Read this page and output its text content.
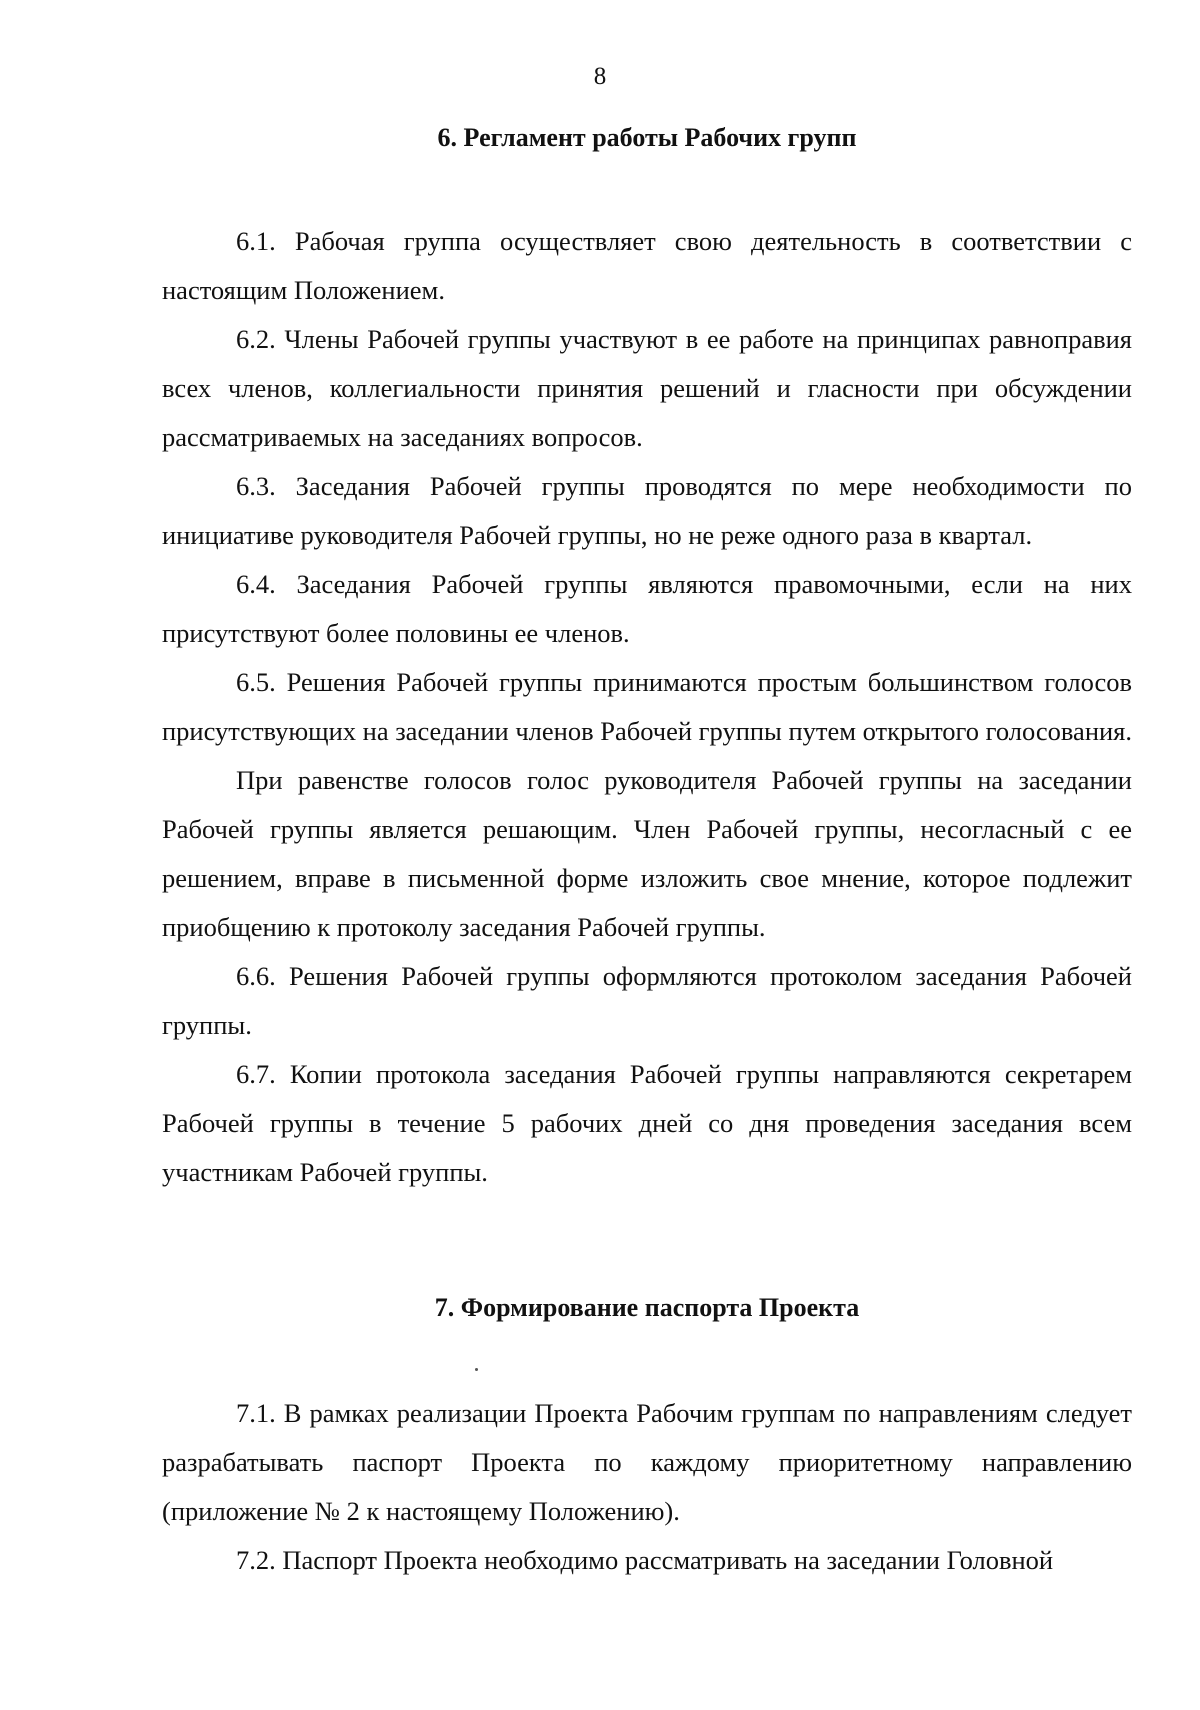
8
6. Регламент работы Рабочих групп

6.1. Рабочая группа осуществляет свою деятельность в соответствии с настоящим Положением.

6.2. Члены Рабочей группы участвуют в ее работе на принципах равноправия всех членов, коллегиальности принятия решений и гласности при обсуждении рассматриваемых на заседаниях вопросов.

6.3. Заседания Рабочей группы проводятся по мере необходимости по инициативе руководителя Рабочей группы, но не реже одного раза в квартал.

6.4. Заседания Рабочей группы являются правомочными, если на них присутствуют более половины ее членов.

6.5. Решения Рабочей группы принимаются простым большинством голосов присутствующих на заседании членов Рабочей группы путем открытого голосования.

При равенстве голосов голос руководителя Рабочей группы на заседании Рабочей группы является решающим. Член Рабочей группы, несогласный с ее решением, вправе в письменной форме изложить свое мнение, которое подлежит приобщению к протоколу заседания Рабочей группы.

6.6. Решения Рабочей группы оформляются протоколом заседания Рабочей группы.

6.7. Копии протокола заседания Рабочей группы направляются секретарем Рабочей группы в течение 5 рабочих дней со дня проведения заседания всем участникам Рабочей группы.

7. Формирование паспорта Проекта

7.1. В рамках реализации Проекта Рабочим группам по направлениям следует разрабатывать паспорт Проекта по каждому приоритетному направлению (приложение № 2 к настоящему Положению).

7.2. Паспорт Проекта необходимо рассматривать на заседании Головной
